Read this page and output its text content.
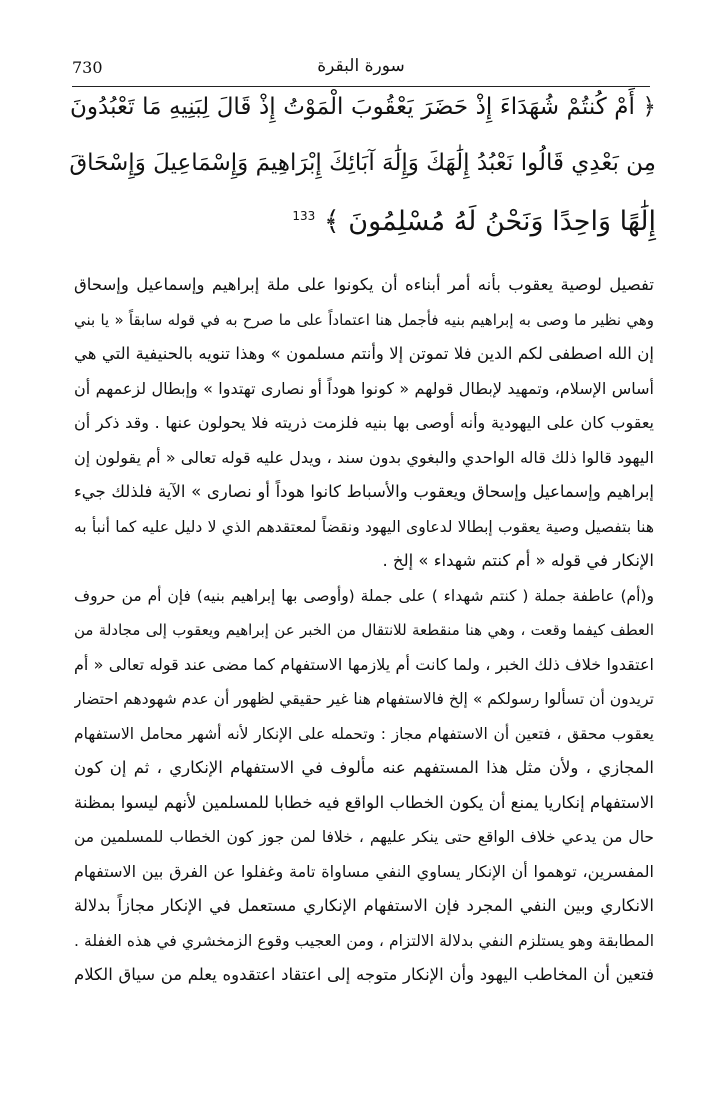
730	سورة البقرة
﴿ أَمْ كُنتُمْ شُهَدَاءَ إِذْ حَضَرَ يَعْقُوبَ الْمَوْتُ إِذْ قَالَ لِبَنِيهِ مَا تَعْبُدُونَ
مِن بَعْدِي قَالُوا نَعْبُدُ إِلَٰهَكَ وَإِلَٰهَ آبَائِكَ إِبْرَاهِيمَ وَإِسْمَاعِيلَ وَإِسْحَاقَ
إِلَٰهًا وَاحِدًا وَنَحْنُ لَهُ مُسْلِمُونَ ﴾ $^{133}$
تفصيل لوصية يعقوب بأنه أمر أبناءه أن يكونوا على ملة إبراهيم وإسماعيل وإسحاق
وهي نظير ما وصى به إبراهيم بنيه فأجمل هنا اعتماداً على ما صرح به في قوله سابقاً « يا بني
إن الله اصطفى لكم الدين فلا تموتن إلا وأنتم مسلمون » وهذا تنويه بالحنيفية التي هي
أساس الإسلام، وتمهيد لإبطال قولهم « كونوا هوداً أو نصارى تهتدوا » وإبطال لزعمهم أن
يعقوب كان على اليهودية وأنه أوصى بها بنيه فلزمت ذريته فلا يحولون عنها . وقد ذكر أن
اليهود قالوا ذلك قاله الواحدي والبغوي بدون سند ، ويدل عليه قوله تعالى « أم يقولون إن
إبراهيم وإسماعيل وإسحاق ويعقوب والأسباط كانوا هوداً أو نصارى » الآية فلذلك جيء
هنا بتفصيل وصية يعقوب إبطالا لدعاوى اليهود ونقضاً لمعتقدهم الذي لا دليل عليه كما أنبأ به
الإنكار في قوله « أم كنتم شهداء » إلخ .
و(أم) عاطفة جملة ( كنتم شهداء ) على جملة (وأوصى بها إبراهيم بنيه) فإن أم من حروف
العطف كيفما وقعت ، وهي هنا منقطعة للانتقال من الخبر عن إبراهيم ويعقوب إلى مجادلة من
اعتقدوا خلاف ذلك الخبر ، ولما كانت أم يلازمها الاستفهام كما مضى عند قوله تعالى « أم
تريدون أن تسألوا رسولكم » إلخ فالاستفهام هنا غير حقيقي لظهور أن عدم شهودهم احتضار
يعقوب محقق ، فتعين أن الاستفهام مجاز : وتحمله على الإنكار لأنه أشهر محامل الاستفهام
المجازي ، ولأن مثل هذا المستفهم عنه مألوف في الاستفهام الإنكاري ، ثم إن كون
الاستفهام إنكاريا يمنع أن يكون الخطاب الواقع فيه خطابا للمسلمين لأنهم ليسوا بمظنة
حال من يدعي خلاف الواقع حتى ينكر عليهم ، خلافا لمن جوز كون الخطاب للمسلمين من
المفسرين، توهموا أن الإنكار يساوي النفي مساواة تامة وغفلوا عن الفرق بين الاستفهام
الانكاري وبين النفي المجرد فإن الاستفهام الإنكاري مستعمل في الإنكار مجازاً بدلالة
المطابقة وهو يستلزم النفي بدلالة الالتزام ، ومن العجيب وقوع الزمخشري في هذه الغفلة .
فتعين أن المخاطب اليهود وأن الإنكار متوجه إلى اعتقاد اعتقدوه يعلم من سياق الكلام
